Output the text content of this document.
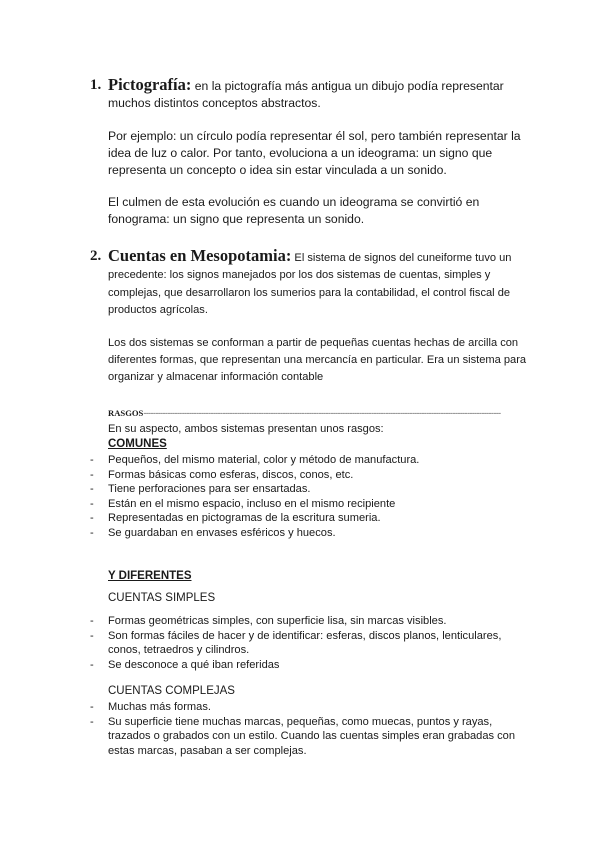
1. Pictografía: en la pictografía más antigua un dibujo podía representar muchos distintos conceptos abstractos.

Por ejemplo: un círculo podía representar él sol, pero también representar la idea de luz o calor. Por tanto, evoluciona a un ideograma: un signo que representa un concepto o idea sin estar vinculada a un sonido.

El culmen de esta evolución es cuando un ideograma se convirtió en fonograma: un signo que representa un sonido.

2. Cuentas en Mesopotamia: El sistema de signos del cuneiforme tuvo un precedente: los signos manejados por los dos sistemas de cuentas, simples y complejas, que desarrollaron los sumerios para la contabilidad, el control fiscal de productos agrícolas.

Los dos sistemas se conforman a partir de pequeñas cuentas hechas de arcilla con diferentes formas, que representan una mercancía en particular. Era un sistema para organizar y almacenar información contable

RASGOS-----------------------------------------------------------------------------------------------------------------------------------------------------

En su aspecto, ambos sistemas presentan unos rasgos:

COMUNES
- Pequeños, del mismo material, color y método de manufactura.
- Formas básicas como esferas, discos, conos, etc.
- Tiene perforaciones para ser ensartadas.
- Están en el mismo espacio, incluso en el mismo recipiente
- Representadas en pictogramas de la escritura sumeria.
- Se guardaban en envases esféricos y huecos.
Y DIFERENTES
CUENTAS SIMPLES
- Formas geométricas simples, con superficie lisa, sin marcas visibles.
- Son formas fáciles de hacer y de identificar: esferas, discos planos, lenticulares, conos, tetraedros y cilindros.
- Se desconoce a qué iban referidas
CUENTAS COMPLEJAS
- Muchas más formas.
- Su superficie tiene muchas marcas, pequeñas, como muecas, puntos y rayas, trazados o grabados con un estilo. Cuando las cuentas simples eran grabadas con estas marcas, pasaban a ser complejas.
